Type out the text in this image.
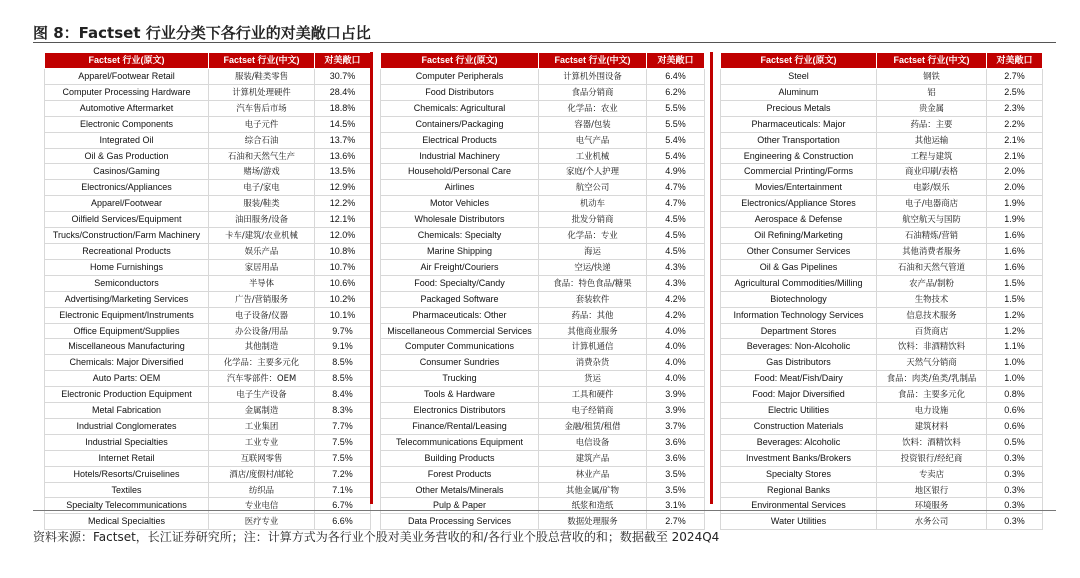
图 8：Factset 行业分类下各行业的对美敞口占比
Factset 行业(原文)	Factset 行业(中文)	对美敞口
Apparel/Footwear Retail	服装/鞋类零售	30.7%
Computer Processing Hardware	计算机处理硬件	28.4%
Automotive Aftermarket	汽车售后市场	18.8%
Electronic Components	电子元件	14.5%
Integrated Oil	综合石油	13.7%
Oil & Gas Production	石油和天然气生产	13.6%
Casinos/Gaming	赌场/游戏	13.5%
Electronics/Appliances	电子/家电	12.9%
Apparel/Footwear	服装/鞋类	12.2%
Oilfield Services/Equipment	油田服务/设备	12.1%
Trucks/Construction/Farm Machinery	卡车/建筑/农业机械	12.0%
Recreational Products	娱乐产品	10.8%
Home Furnishings	家居用品	10.7%
Semiconductors	半导体	10.6%
Advertising/Marketing Services	广告/营销服务	10.2%
Electronic Equipment/Instruments	电子设备/仪器	10.1%
Office Equipment/Supplies	办公设备/用品	9.7%
Miscellaneous Manufacturing	其他制造	9.1%
Chemicals: Major Diversified	化学品：主要多元化	8.5%
Auto Parts: OEM	汽车零部件：OEM	8.5%
Electronic Production Equipment	电子生产设备	8.4%
Metal Fabrication	金属制造	8.3%
Industrial Conglomerates	工业集团	7.7%
Industrial Specialties	工业专业	7.5%
Internet Retail	互联网零售	7.5%
Hotels/Resorts/Cruiselines	酒店/度假村/邮轮	7.2%
Textiles	纺织品	7.1%
Specialty Telecommunications	专业电信	6.7%
Medical Specialties	医疗专业	6.6%
Factset 行业(原文)	Factset 行业(中文)	对美敞口
Computer Peripherals	计算机外围设备	6.4%
Food Distributors	食品分销商	6.2%
Chemicals: Agricultural	化学品：农业	5.5%
Containers/Packaging	容器/包装	5.5%
Electrical Products	电气产品	5.4%
Industrial Machinery	工业机械	5.4%
Household/Personal Care	家庭/个人护理	4.9%
Airlines	航空公司	4.7%
Motor Vehicles	机动车	4.7%
Wholesale Distributors	批发分销商	4.5%
Chemicals: Specialty	化学品：专业	4.5%
Marine Shipping	海运	4.5%
Air Freight/Couriers	空运/快递	4.3%
Food: Specialty/Candy	食品：特色食品/糖果	4.3%
Packaged Software	套装软件	4.2%
Pharmaceuticals: Other	药品：其他	4.2%
Miscellaneous Commercial Services	其他商业服务	4.0%
Computer Communications	计算机通信	4.0%
Consumer Sundries	消费杂货	4.0%
Trucking	货运	4.0%
Tools & Hardware	工具和硬件	3.9%
Electronics Distributors	电子经销商	3.9%
Finance/Rental/Leasing	金融/租赁/租借	3.7%
Telecommunications Equipment	电信设备	3.6%
Building Products	建筑产品	3.6%
Forest Products	林业产品	3.5%
Other Metals/Minerals	其他金属/矿物	3.5%
Pulp & Paper	纸浆和造纸	3.1%
Data Processing Services	数据处理服务	2.7%
Factset 行业(原文)	Factset 行业(中文)	对美敞口
Steel	钢铁	2.7%
Aluminum	铝	2.5%
Precious Metals	贵金属	2.3%
Pharmaceuticals: Major	药品：主要	2.2%
Other Transportation	其他运输	2.1%
Engineering & Construction	工程与建筑	2.1%
Commercial Printing/Forms	商业印刷/表格	2.0%
Movies/Entertainment	电影/娱乐	2.0%
Electronics/Appliance Stores	电子/电器商店	1.9%
Aerospace & Defense	航空航天与国防	1.9%
Oil Refining/Marketing	石油精炼/营销	1.6%
Other Consumer Services	其他消费者服务	1.6%
Oil & Gas Pipelines	石油和天然气管道	1.6%
Agricultural Commodities/Milling	农产品/制粉	1.5%
Biotechnology	生物技术	1.5%
Information Technology Services	信息技术服务	1.2%
Department Stores	百货商店	1.2%
Beverages: Non-Alcoholic	饮料：非酒精饮料	1.1%
Gas Distributors	天然气分销商	1.0%
Food: Meat/Fish/Dairy	食品：肉类/鱼类/乳制品	1.0%
Food: Major Diversified	食品：主要多元化	0.8%
Electric Utilities	电力设施	0.6%
Construction Materials	建筑材料	0.6%
Beverages: Alcoholic	饮料：酒精饮料	0.5%
Investment Banks/Brokers	投资银行/经纪商	0.3%
Specialty Stores	专卖店	0.3%
Regional Banks	地区银行	0.3%
Environmental Services	环境服务	0.3%
Water Utilities	水务公司	0.3%
资料来源：Factset，长江证券研究所；注：计算方式为各行业个股对美业务营收的和/各行业个股总营收的和；数据截至 2024Q4
